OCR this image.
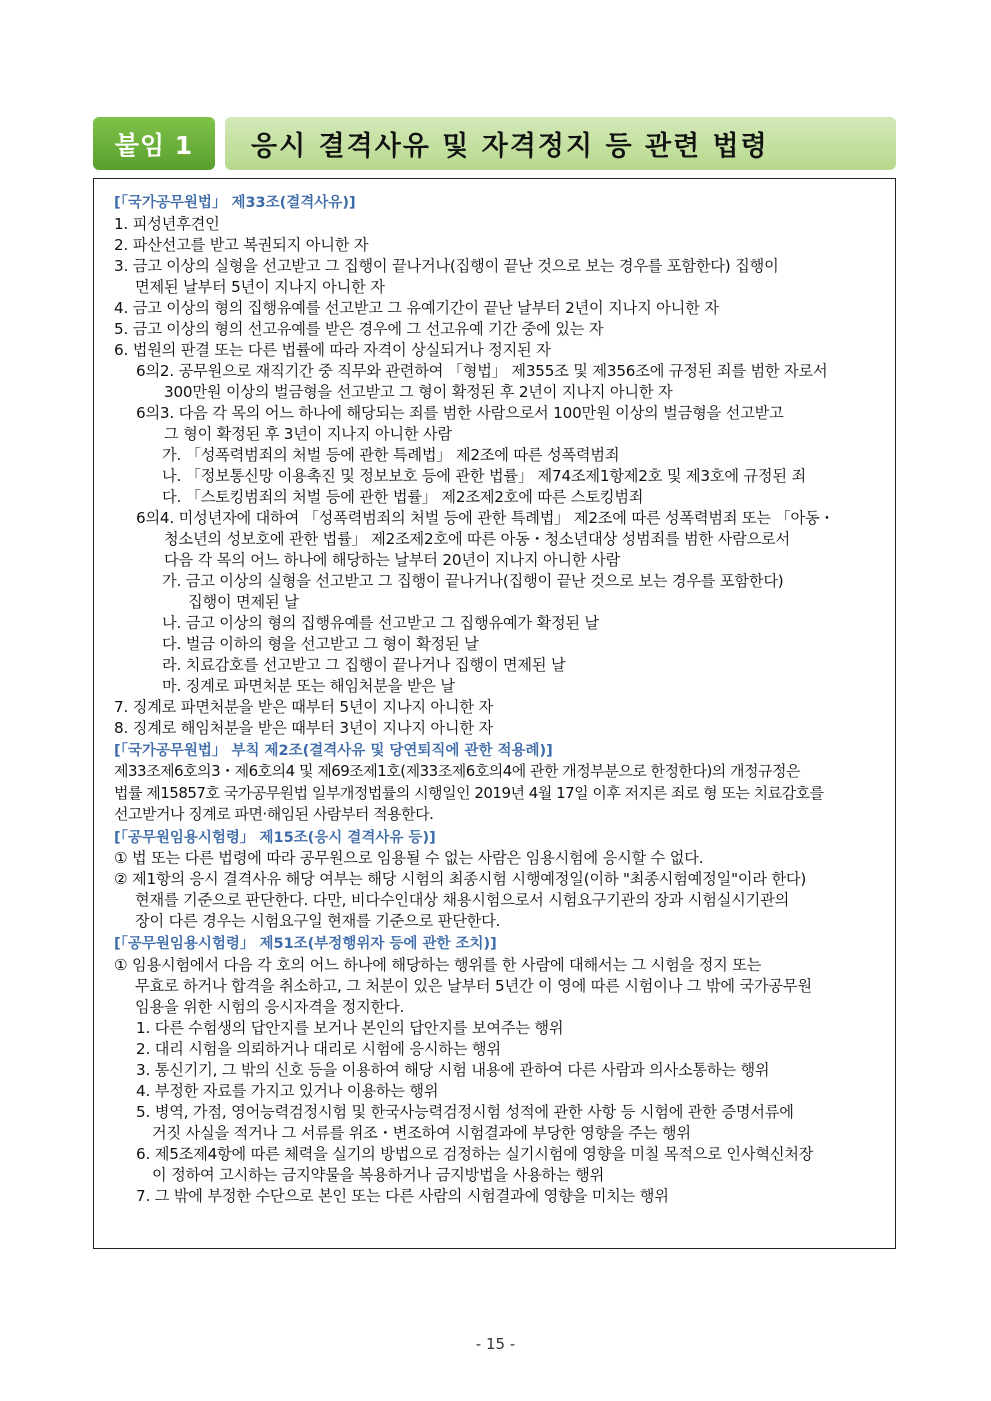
붙임 1	응시 결격사유 및 자격정지 등 관련 법령
[「국가공무원법」 제33조(결격사유)]
1. 피성년후견인
2. 파산선고를 받고 복권되지 아니한 자
3. 금고 이상의 실형을 선고받고 그 집행이 끝나거나(집행이 끝난 것으로 보는 경우를 포함한다) 집행이
면제된 날부터 5년이 지나지 아니한 자
4. 금고 이상의 형의 집행유예를 선고받고 그 유예기간이 끝난 날부터 2년이 지나지 아니한 자
5. 금고 이상의 형의 선고유예를 받은 경우에 그 선고유예 기간 중에 있는 자
6. 법원의 판결 또는 다른 법률에 따라 자격이 상실되거나 정지된 자
6의2. 공무원으로 재직기간 중 직무와 관련하여 「형법」 제355조 및 제356조에 규정된 죄를 범한 자로서
300만원 이상의 벌금형을 선고받고 그 형이 확정된 후 2년이 지나지 아니한 자
6의3. 다음 각 목의 어느 하나에 해당되는 죄를 범한 사람으로서 100만원 이상의 벌금형을 선고받고
그 형이 확정된 후 3년이 지나지 아니한 사람
가. 「성폭력범죄의 처벌 등에 관한 특례법」 제2조에 따른 성폭력범죄
나. 「정보통신망 이용촉진 및 정보보호 등에 관한 법률」 제74조제1항제2호 및 제3호에 규정된 죄
다. 「스토킹범죄의 처벌 등에 관한 법률」 제2조제2호에 따른 스토킹범죄
6의4. 미성년자에 대하여 「성폭력범죄의 처벌 등에 관한 특례법」 제2조에 따른 성폭력범죄 또는 「아동・
청소년의 성보호에 관한 법률」 제2조제2호에 따른 아동・청소년대상 성범죄를 범한 사람으로서
다음 각 목의 어느 하나에 해당하는 날부터 20년이 지나지 아니한 사람
가. 금고 이상의 실형을 선고받고 그 집행이 끝나거나(집행이 끝난 것으로 보는 경우를 포함한다)
집행이 면제된 날
나. 금고 이상의 형의 집행유예를 선고받고 그 집행유예가 확정된 날
다. 벌금 이하의 형을 선고받고 그 형이 확정된 날
라. 치료감호를 선고받고 그 집행이 끝나거나 집행이 면제된 날
마. 징계로 파면처분 또는 해임처분을 받은 날
7. 징계로 파면처분을 받은 때부터 5년이 지나지 아니한 자
8. 징계로 해임처분을 받은 때부터 3년이 지나지 아니한 자
[「국가공무원법」 부칙 제2조(결격사유 및 당연퇴직에 관한 적용례)]
제33조제6호의3・제6호의4 및 제69조제1호(제33조제6호의4에 관한 개정부분으로 한정한다)의 개정규정은
법률 제15857호 국가공무원법 일부개정법률의 시행일인 2019년 4월 17일 이후 저지른 죄로 형 또는 치료감호를
선고받거나 징계로 파면·해임된 사람부터 적용한다.
[「공무원임용시험령」 제15조(응시 결격사유 등)]
① 법 또는 다른 법령에 따라 공무원으로 임용될 수 없는 사람은 임용시험에 응시할 수 없다.
② 제1항의 응시 결격사유 해당 여부는 해당 시험의 최종시험 시행예정일(이하 "최종시험예정일"이라 한다)
현재를 기준으로 판단한다. 다만, 비다수인대상 채용시험으로서 시험요구기관의 장과 시험실시기관의
장이 다른 경우는 시험요구일 현재를 기준으로 판단한다.
[「공무원임용시험령」 제51조(부정행위자 등에 관한 조치)]
① 임용시험에서 다음 각 호의 어느 하나에 해당하는 행위를 한 사람에 대해서는 그 시험을 정지 또는
무효로 하거나 합격을 취소하고, 그 처분이 있은 날부터 5년간 이 영에 따른 시험이나 그 밖에 국가공무원
임용을 위한 시험의 응시자격을 정지한다.
1. 다른 수험생의 답안지를 보거나 본인의 답안지를 보여주는 행위
2. 대리 시험을 의뢰하거나 대리로 시험에 응시하는 행위
3. 통신기기, 그 밖의 신호 등을 이용하여 해당 시험 내용에 관하여 다른 사람과 의사소통하는 행위
4. 부정한 자료를 가지고 있거나 이용하는 행위
5. 병역, 가점, 영어능력검정시험 및 한국사능력검정시험 성적에 관한 사항 등 시험에 관한 증명서류에
거짓 사실을 적거나 그 서류를 위조・변조하여 시험결과에 부당한 영향을 주는 행위
6. 제5조제4항에 따른 체력을 실기의 방법으로 검정하는 실기시험에 영향을 미칠 목적으로 인사혁신처장
이 정하여 고시하는 금지약물을 복용하거나 금지방법을 사용하는 행위
7. 그 밖에 부정한 수단으로 본인 또는 다른 사람의 시험결과에 영향을 미치는 행위
- 15 -
